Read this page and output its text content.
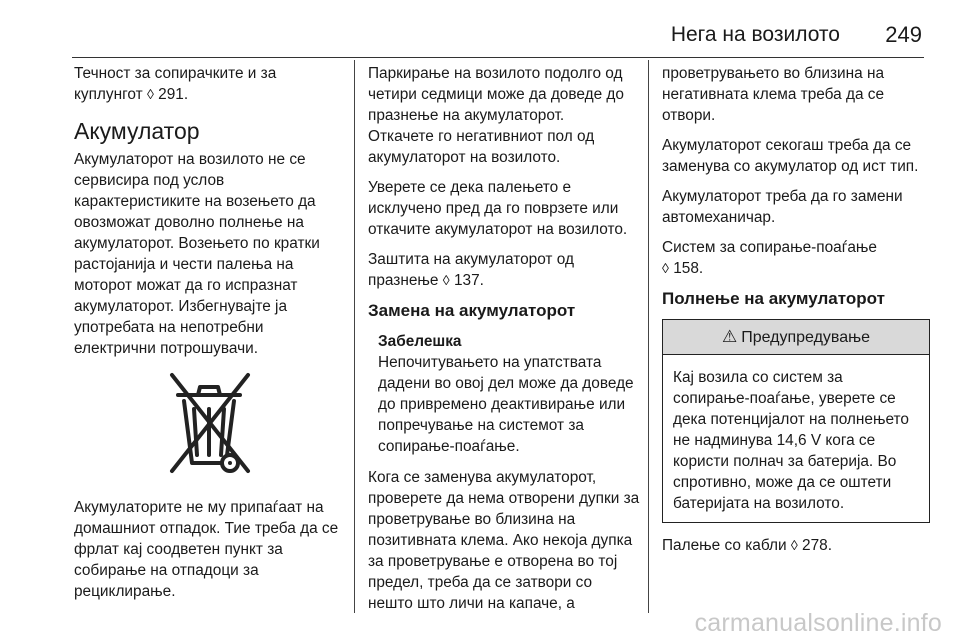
Нега на возилото 249

Течност за сопирачките и за куплунгот ◊ 291.

Акумулатор

Акумулаторот на возилото не се сервисира под услов карактеристиките на возењето да овозможат доволно полнење на акумулаторот. Возењето по кратки растојанија и чести палења на моторот можат да го испразнат акумулаторот. Избегнувајте ја употребата на непотребни електрични потрошувачи.

Акумулаторите не му припаѓаат на домашниот отпадок. Тие треба да се фрлат кај соодветен пункт за собирање на отпадоци за рециклирање.

Паркирање на возилото подолго од четири седмици може да доведе до празнење на акумулаторот.
Откачете го негативниот пол од акумулаторот на возилото.

Уверете се дека палењето е исклучено пред да го поврзете или откачите акумулаторот на возилото.

Заштита на акумулаторот од празнење ◊ 137.

Замена на акумулаторот
Забелешка
Непочитувањето на упатствата дадени во овој дел може да доведе до привремено деактивирање или попречување на системот за сопирање-поаѓање.

Кога се заменува акумулаторот, проверете да нема отворени дупки за проветрување во близина на позитивната клема. Ако некоја дупка за проветрување е отворена во тој предел, треба да се затвори со нешто што личи на капаче, а

проветрувањето во близина на негативната клема треба да се отвори.

Акумулаторот секогаш треба да се заменува со акумулатор од ист тип.

Акумулаторот треба да го замени автомеханичар.

Систем за сопирање-поаѓање
◊ 158.

Полнење на акумулаторот
⚠ Предупредување

Кај возила со систем за сопирање-поаѓање, уверете се дека потенцијалот на полнењето не надминува 14,6 V кога се користи полнач за батерија. Во спротивно, може да се оштети батеријата на возилото.

Палење со кабли ◊ 278.

carmanualsonline.info
